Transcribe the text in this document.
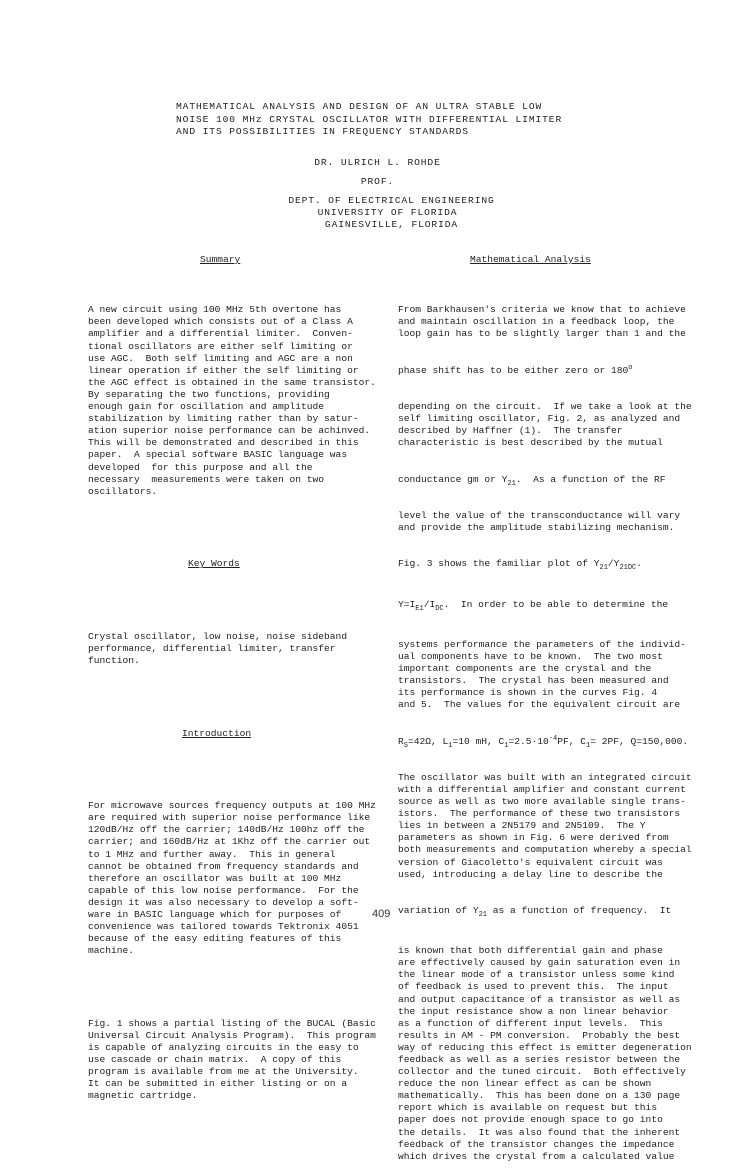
MATHEMATICAL ANALYSIS AND DESIGN OF AN ULTRA STABLE LOW
NOISE 100 MHz CRYSTAL OSCILLATOR WITH DIFFERENTIAL LIMITER
AND ITS POSSIBILITIES IN FREQUENCY STANDARDS
DR. ULRICH L. ROHDE
PROF.
DEPT. OF ELECTRICAL ENGINEERING
UNIVERSITY OF FLORIDA
GAINESVILLE, FLORIDA

Summary

A new circuit using 100 MHz 5th overtone has
been developed which consists out of a Class A
amplifier and a differential limiter.  Conven-
tional oscillators are either self limiting or
use AGC.  Both self limiting and AGC are a non
linear operation if either the self limiting or
the AGC effect is obtained in the same transistor.
By separating the two functions, providing
enough gain for oscillation and amplitude
stabilization by limiting rather than by satur-
ation superior noise performance can be achinved.
This will be demonstrated and described in this
paper.  A special software BASIC language was
developed  for this purpose and all the
necessary  measurements were taken on two
oscillators.

Key Words

Crystal oscillator, low noise, noise sideband
performance, differential limiter, transfer
function.

Introduction

For microwave sources frequency outputs at 100 MHz
are required with superior noise performance like
120dB/Hz off the carrier; 140dB/Hz 100hz off the
carrier; and 160dB/Hz at 1Khz off the carrier out
to 1 MHz and further away.  This in general
cannot be obtained from frequency standards and
therefore an oscillator was built at 100 MHz
capable of this low noise performance.  For the
design it was also necessary to develop a soft-
ware in BASIC language which for purposes of
convenience was tailored towards Tektronix 4051
because of the easy editing features of this
machine.

Fig. 1 shows a partial listing of the BUCAL (Basic
Universal Circuit Analysis Program).  This program
is capable of analyzing circuits in the easy to
use cascade or chain matrix.  A copy of this
program is available from me at the University.
It can be submitted in either listing or on a
magnetic cartridge.

Mathematical Analysis

From Barkhausen's criteria we know that to achieve
and maintain oscillation in a feedback loop, the
loop gain has to be slightly larger than 1 and the

phase shift has to be either zero or 180$^o$

depending on the circuit.  If we take a look at the
self limiting oscillator, Fig. 2, as analyzed and
described by Haffner (1).  The transfer
characteristic is best described by the mutual

conductance gm or $Y_{21}$.  As a function of the RF

level the value of the transconductance will vary
and provide the amplitude stabilizing mechanism.

Fig. 3 shows the familiar plot of $Y_{21}/Y_{21DC}$.

$Y=I_{E1}/I_{DC}$.  In order to be able to determine the

systems performance the parameters of the individ-
ual components have to be known.  The two most
important components are the crystal and the
transistors.  The crystal has been measured and
its performance is shown in the curves Fig. 4
and 5.  The values for the equivalent circuit are

$R_S=42\Omega$, $L_1=10$ mH, $C_1=2.5\cdot 10^{-4}PF$, $C_1= 2PF$, Q=150,000.

The oscillator was built with an integrated circuit
with a differential amplifier and constant current
source as well as two more available single trans-
istors.  The performance of these two transistors
lies in between a 2N5179 and 2N5109.  The Y
parameters as shown in Fig. 6 were derived from
both measurements and computation whereby a special
version of Giacoletto's equivalent circuit was
used, introducing a delay line to describe the

variation of $Y_{21}$ as a function of frequency.  It

is known that both differential gain and phase
are effectively caused by gain saturation even in
the linear mode of a transistor unless some kind
of feedback is used to prevent this.  The input
and output capacitance of a transistor as well as
the input resistance show a non linear behavior
as a function of different input levels.  This
results in AM - PM conversion.  Probably the best
way of reducing this effect is emitter degeneration
feedback as well as a series resistor between the
collector and the tuned circuit.  Both effectively
reduce the non linear effect as can be shown
mathematically.  This has been done on a 130 page
report which is available on request but this
paper does not provide enough space to go into
the details.  It was also found that the inherent
feedback of the transistor changes the impedance
which drives the crystal from a calculated value

409
